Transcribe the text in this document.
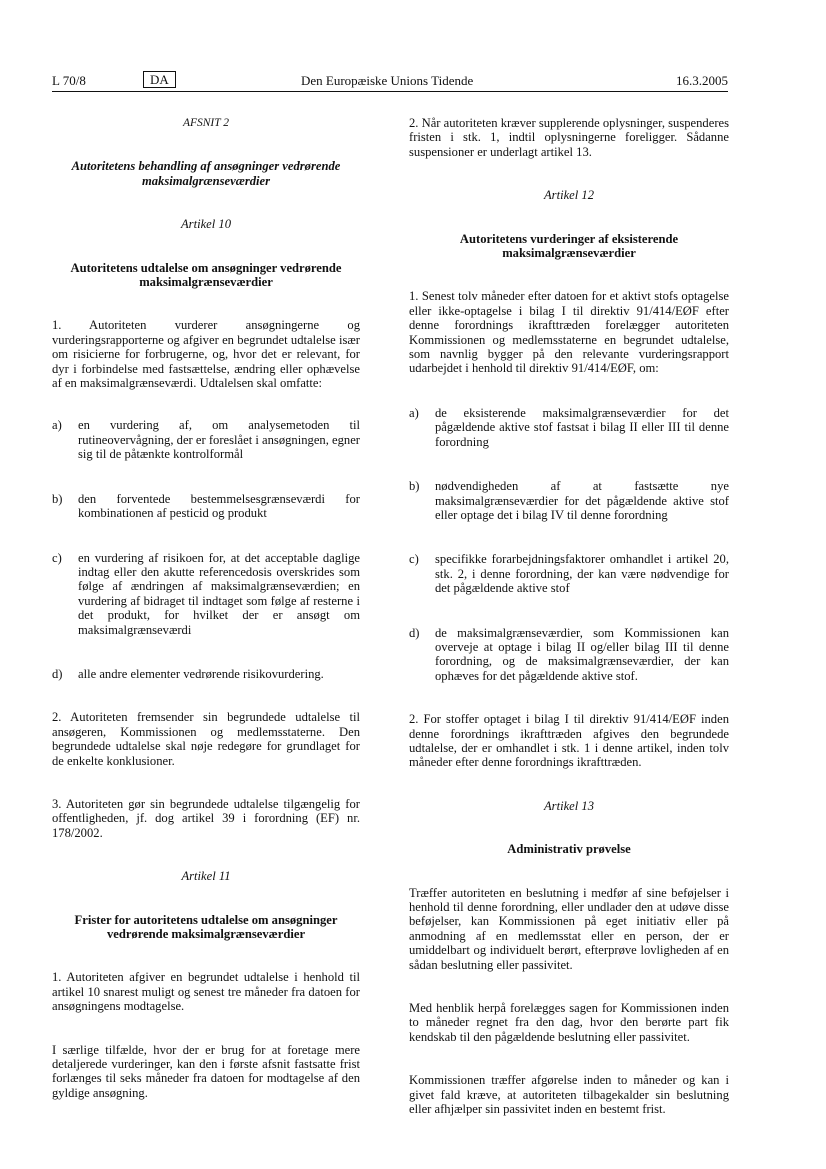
L 70/8	DA	Den Europæiske Unions Tidende	16.3.2005

AFSNIT 2

Autoritetens behandling af ansøgninger vedrørende maksimalgrænseværdier

Artikel 10

Autoritetens udtalelse om ansøgninger vedrørende maksimalgrænseværdier

1. Autoriteten vurderer ansøgningerne og vurderingsrapporterne og afgiver en begrundet udtalelse især om risicierne for forbrugerne, og, hvor det er relevant, for dyr i forbindelse med fastsættelse, ændring eller ophævelse af en maksimalgrænseværdi. Udtalelsen skal omfatte:

a)	en vurdering af, om analysemetoden til rutineovervågning, der er foreslået i ansøgningen, egner sig til de påtænkte kontrolformål
b)	den forventede bestemmelsesgrænseværdi for kombinationen af pesticid og produkt
c)	en vurdering af risikoen for, at det acceptable daglige indtag eller den akutte referencedosis overskrides som følge af ændringen af maksimalgrænseværdien; en vurdering af bidraget til indtaget som følge af resterne i det produkt, for hvilket der er ansøgt om maksimalgrænseværdi
d)	alle andre elementer vedrørende risikovurdering.

2. Autoriteten fremsender sin begrundede udtalelse til ansøgeren, Kommissionen og medlemsstaterne. Den begrundede udtalelse skal nøje redegøre for grundlaget for de enkelte konklusioner.

3. Autoriteten gør sin begrundede udtalelse tilgængelig for offentligheden, jf. dog artikel 39 i forordning (EF) nr. 178/2002.

Artikel 11

Frister for autoritetens udtalelse om ansøgninger vedrørende maksimalgrænseværdier

1. Autoriteten afgiver en begrundet udtalelse i henhold til artikel 10 snarest muligt og senest tre måneder fra datoen for ansøgningens modtagelse.

I særlige tilfælde, hvor der er brug for at foretage mere detaljerede vurderinger, kan den i første afsnit fastsatte frist forlænges til seks måneder fra datoen for modtagelse af den gyldige ansøgning.

2. Når autoriteten kræver supplerende oplysninger, suspenderes fristen i stk. 1, indtil oplysningerne foreligger. Sådanne suspensioner er underlagt artikel 13.

Artikel 12

Autoritetens vurderinger af eksisterende maksimalgrænseværdier

1. Senest tolv måneder efter datoen for et aktivt stofs optagelse eller ikke-optagelse i bilag I til direktiv 91/414/EØF efter denne forordnings ikrafttræden forelægger autoriteten Kommissionen og medlemsstaterne en begrundet udtalelse, som navnlig bygger på den relevante vurderingsrapport udarbejdet i henhold til direktiv 91/414/EØF, om:

a)	de eksisterende maksimalgrænseværdier for det pågældende aktive stof fastsat i bilag II eller III til denne forordning
b)	nødvendigheden af at fastsætte nye maksimalgrænseværdier for det pågældende aktive stof eller optage det i bilag IV til denne forordning
c)	specifikke forarbejdningsfaktorer omhandlet i artikel 20, stk. 2, i denne forordning, der kan være nødvendige for det pågældende aktive stof
d)	de maksimalgrænseværdier, som Kommissionen kan overveje at optage i bilag II og/eller bilag III til denne forordning, og de maksimalgrænseværdier, der kan ophæves for det pågældende aktive stof.

2. For stoffer optaget i bilag I til direktiv 91/414/EØF inden denne forordnings ikrafttræden afgives den begrundede udtalelse, der er omhandlet i stk. 1 i denne artikel, inden tolv måneder efter denne forordnings ikrafttræden.

Artikel 13

Administrativ prøvelse

Træffer autoriteten en beslutning i medfør af sine beføjelser i henhold til denne forordning, eller undlader den at udøve disse beføjelser, kan Kommissionen på eget initiativ eller på anmodning af en medlemsstat eller en person, der er umiddelbart og individuelt berørt, efterprøve lovligheden af en sådan beslutning eller passivitet.

Med henblik herpå forelægges sagen for Kommissionen inden to måneder regnet fra den dag, hvor den berørte part fik kendskab til den pågældende beslutning eller passivitet.

Kommissionen træffer afgørelse inden to måneder og kan i givet fald kræve, at autoriteten tilbagekalder sin beslutning eller afhjælper sin passivitet inden en bestemt frist.
